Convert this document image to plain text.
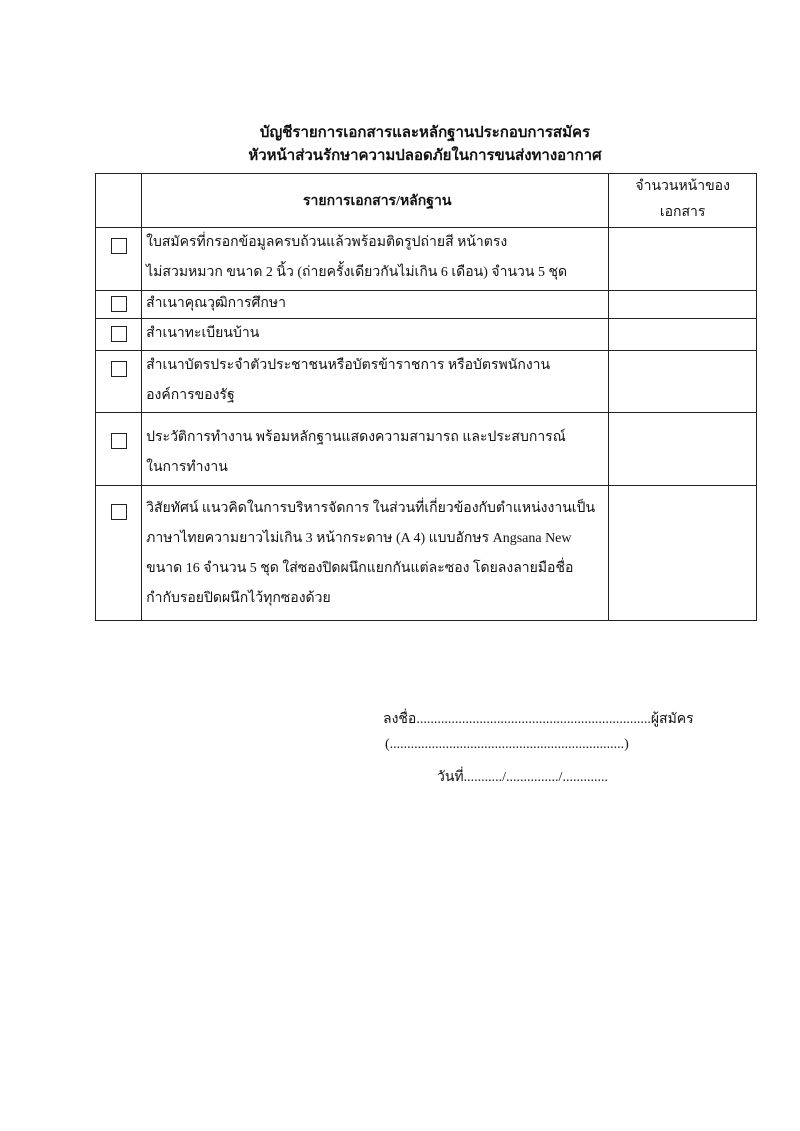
บัญชีรายการเอกสารและหลักฐานประกอบการสมัคร
หัวหน้าส่วนรักษาความปลอดภัยในการขนส่งทางอากาศ
	รายการเอกสาร/หลักฐาน	จำนวนหน้าของ
เอกสาร

	ใบสมัครที่กรอกข้อมูลครบถ้วนแล้วพร้อมติดรูปถ่ายสี หน้าตรง
ไม่สวมหมวก ขนาด 2 นิ้ว (ถ่ายครั้งเดียวกันไม่เกิน 6 เดือน) จำนวน 5 ชุด	

	สำเนาคุณวุฒิการศึกษา	

	สำเนาทะเบียนบ้าน	

	สำเนาบัตรประจำตัวประชาชนหรือบัตรข้าราชการ หรือบัตรพนักงาน
องค์การของรัฐ	

	ประวัติการทำงาน พร้อมหลักฐานแสดงความสามารถ และประสบการณ์
ในการทำงาน	

	วิสัยทัศน์ แนวคิดในการบริหารจัดการ ในส่วนที่เกี่ยวข้องกับตำแหน่งงานเป็น
ภาษาไทยความยาวไม่เกิน 3 หน้ากระดาษ (A 4) แบบอักษร Angsana New
ขนาด 16 จำนวน 5 ชุด ใส่ซองปิดผนึกแยกกันแต่ละซอง โดยลงลายมือชื่อ
กำกับรอยปิดผนึกไว้ทุกซองด้วย	

ลงชื่อ...................................................................ผู้สมัคร
(...................................................................)
วันที่.........../.............../.............
